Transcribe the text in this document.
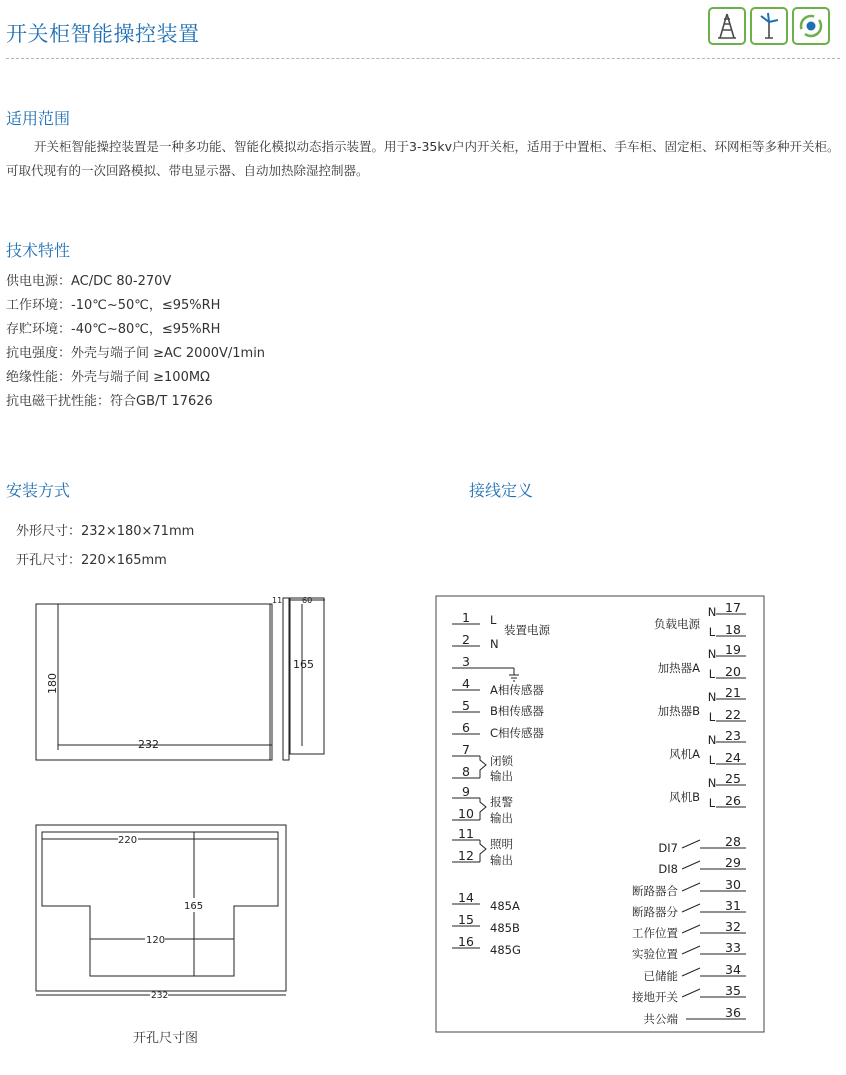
开关柜智能操控装置
适用范围
开关柜智能操控装置是一种多功能、智能化模拟动态指示装置。用于3-35kv户内开关柜，适用于中置柜、手车柜、固定柜、环网柜等多种开关柜。可取代现有的一次回路模拟、带电显示器、自动加热除湿控制器。
技术特性
供电电源：AC/DC 80-270V
工作环境：-10℃~50℃，≤95%RH
存贮环境：-40℃~80℃，≤95%RH
抗电强度：外壳与端子间 ≥AC 2000V/1min
绝缘性能：外壳与端子间 ≥100MΩ
抗电磁干扰性能：符合GB/T 17626
安装方式
外形尺寸：232×180×71mm
开孔尺寸：220×165mm
180
232
11 60
165
220
165
120
232
开孔尺寸图
接线定义
1
2
3
4
5
6
7
8
9
10
11
12
14
15
16
L
N
装置电源
A相传感器
B相传感器
C相传感器
闭锁
输出
报警
输出
照明
输出
485A
485B
485G
17
18
19
20
21
22
23
24
25
26
28
29
30
31
32
33
34
35
36
N
L
N
L
N
L
N
L
N
L
负载电源
加热器A
加热器B
风机A
风机B
DI7
DI8
断路器合
断路器分
工作位置
实验位置
已储能
接地开关
共公端
